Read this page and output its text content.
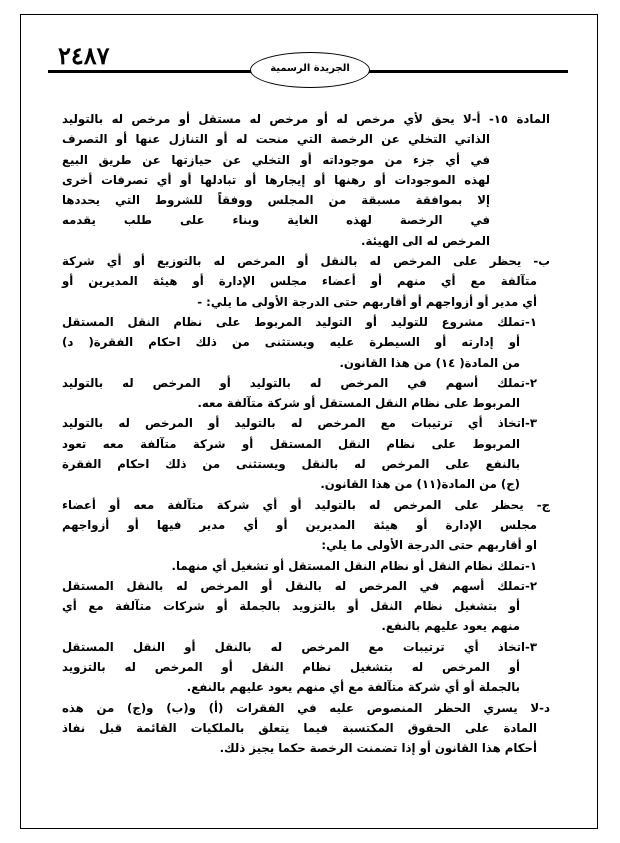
٢٤٨٧	الجريدة الرسمية
المادة ١٥- أ-لا يحق لأي مرخص له أو مرخص له مستقل أو مرخص له بالتوليد
الذاتي التخلي عن الرخصة التي منحت له أو التنازل عنها أو التصرف
في أي جزء من موجوداته أو التخلي عن حيازتها عن طريق البيع
لهذه الموجودات أو رهنها أو إيجارها أو تبادلها أو أي تصرفات أخرى
إلا بموافقة مسبقة من المجلس ووفقاً للشروط التي يحددها
في الرخصة لهذه الغاية وبناء على طلب يقدمه
المرخص له الى الهيئة.
ب- يحظر على المرخص له بالنقل أو المرخص له بالتوزيع أو أي شركة
متآلفة مع أي منهم أو أعضاء مجلس الإدارة أو هيئة المديرين أو
أي مدير أو أزواجهم أو أقاربهم حتى الدرجة الأولى ما يلي: -
١-تملك مشروع للتوليد أو التوليد المربوط على نظام النقل المستقل
أو إدارته أو السيطرة عليه ويستثنى من ذلك احكام الفقرة( د)
من المادة( ١٤) من هذا القانون.
٢-تملك أسهم في المرخص له بالتوليد أو المرخص له بالتوليد
المربوط على نظام النقل المستقل أو شركة متآلفة معه.
٣-اتخاذ أي ترتيبات مع المرخص له بالتوليد أو المرخص له بالتوليد
المربوط على نظام النقل المستقل أو شركة متآلفة معه تعود
بالنفع على المرخص له بالنقل ويستثنى من ذلك احكام الفقرة
(ج) من المادة(١١) من هذا القانون.
ج- يحظر على المرخص له بالتوليد أو أي شركة متآلفة معه أو أعضاء
مجلس الإدارة أو هيئة المديرين أو أي مدير فيها أو أزواجهم
او أقاربهم حتى الدرجة الأولى ما يلي:
١-تملك نظام النقل أو نظام النقل المستقل أو تشغيل أي منهما.
٢-تملك أسهم في المرخص له بالنقل أو المرخص له بالنقل المستقل
أو بتشغيل نظام النقل أو بالتزويد بالجملة أو شركات متآلفة مع أي
منهم يعود عليهم بالنفع.
٣-اتخاذ أي ترتيبات مع المرخص له بالنقل أو النقل المستقل
أو المرخص له بتشغيل نظام النقل أو المرخص له بالتزويد
بالجملة أو أي شركة متآلفة مع أي منهم يعود عليهم بالنفع.
د-لا يسري الحظر المنصوص عليه في الفقرات (أ) و(ب) و(ج) من هذه
المادة على الحقوق المكتسبة فيما يتعلق بالملكيات القائمة قبل نفاذ
أحكام هذا القانون أو إذا تضمنت الرخصة حكما يجيز ذلك.
